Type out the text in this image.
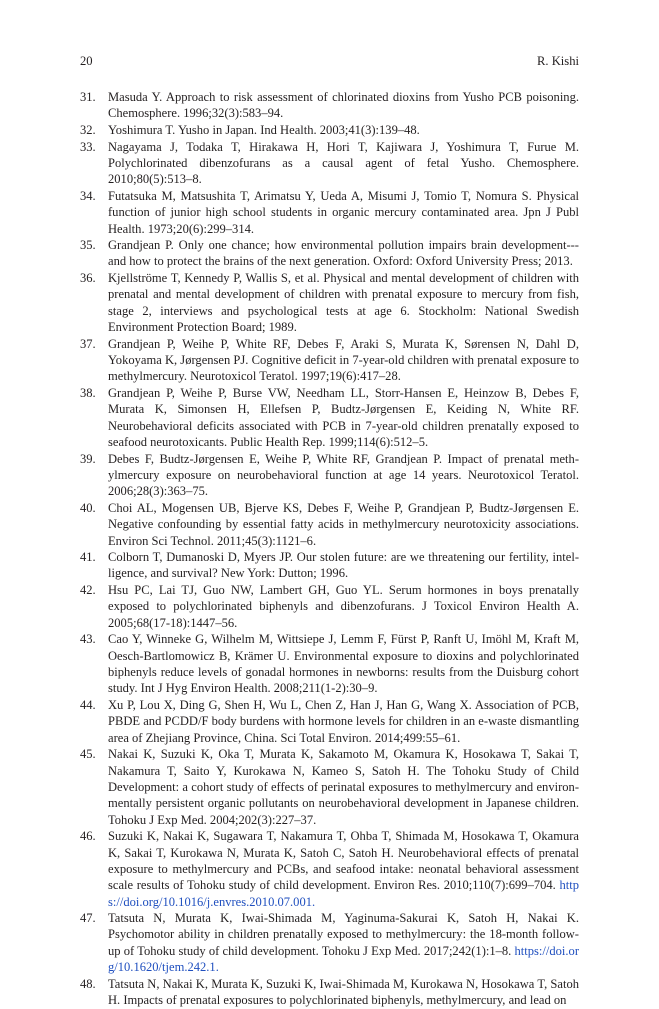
20	R. Kishi
31. Masuda Y. Approach to risk assessment of chlorinated dioxins from Yusho PCB poisoning. Chemosphere. 1996;32(3):583–94.
32. Yoshimura T. Yusho in Japan. Ind Health. 2003;41(3):139–48.
33. Nagayama J, Todaka T, Hirakawa H, Hori T, Kajiwara J, Yoshimura T, Furue M. Polychlorinated dibenzofurans as a causal agent of fetal Yusho. Chemosphere. 2010;80(5):513–8.
34. Futatsuka M, Matsushita T, Arimatsu Y, Ueda A, Misumi J, Tomio T, Nomura S. Physical function of junior high school students in organic mercury contaminated area. Jpn J Publ Health. 1973;20(6):299–314.
35. Grandjean P. Only one chance; how environmental pollution impairs brain development--- and how to protect the brains of the next generation. Oxford: Oxford University Press; 2013.
36. Kjellströme T, Kennedy P, Wallis S, et al. Physical and mental development of children with prenatal and mental development of children with prenatal exposure to mercury from fish, stage 2, interviews and psychological tests at age 6. Stockholm: National Swedish Environment Protection Board; 1989.
37. Grandjean P, Weihe P, White RF, Debes F, Araki S, Murata K, Sørensen N, Dahl D, Yokoyama K, Jørgensen PJ. Cognitive deficit in 7-year-old children with prenatal exposure to methylmercury. Neurotoxicol Teratol. 1997;19(6):417–28.
38. Grandjean P, Weihe P, Burse VW, Needham LL, Storr-Hansen E, Heinzow B, Debes F, Murata K, Simonsen H, Ellefsen P, Budtz-Jørgensen E, Keiding N, White RF. Neurobehavioral deficits associated with PCB in 7-year-old children prenatally exposed to seafood neurotoxicants. Public Health Rep. 1999;114(6):512–5.
39. Debes F, Budtz-Jørgensen E, Weihe P, White RF, Grandjean P. Impact of prenatal methylmercury exposure on neurobehavioral function at age 14 years. Neurotoxicol Teratol. 2006;28(3):363–75.
40. Choi AL, Mogensen UB, Bjerve KS, Debes F, Weihe P, Grandjean P, Budtz-Jørgensen E. Negative confounding by essential fatty acids in methylmercury neurotoxicity associations. Environ Sci Technol. 2011;45(3):1121–6.
41. Colborn T, Dumanoski D, Myers JP. Our stolen future: are we threatening our fertility, intelligence, and survival? New York: Dutton; 1996.
42. Hsu PC, Lai TJ, Guo NW, Lambert GH, Guo YL. Serum hormones in boys prenatally exposed to polychlorinated biphenyls and dibenzofurans. J Toxicol Environ Health A. 2005;68(17-18):1447–56.
43. Cao Y, Winneke G, Wilhelm M, Wittsiepe J, Lemm F, Fürst P, Ranft U, Imöhl M, Kraft M, Oesch-Bartlomowicz B, Krämer U. Environmental exposure to dioxins and polychlorinated biphenyls reduce levels of gonadal hormones in newborns: results from the Duisburg cohort study. Int J Hyg Environ Health. 2008;211(1-2):30–9.
44. Xu P, Lou X, Ding G, Shen H, Wu L, Chen Z, Han J, Han G, Wang X. Association of PCB, PBDE and PCDD/F body burdens with hormone levels for children in an e-waste dismantling area of Zhejiang Province, China. Sci Total Environ. 2014;499:55–61.
45. Nakai K, Suzuki K, Oka T, Murata K, Sakamoto M, Okamura K, Hosokawa T, Sakai T, Nakamura T, Saito Y, Kurokawa N, Kameo S, Satoh H. The Tohoku Study of Child Development: a cohort study of effects of perinatal exposures to methylmercury and environmentally persistent organic pollutants on neurobehavioral development in Japanese children. Tohoku J Exp Med. 2004;202(3):227–37.
46. Suzuki K, Nakai K, Sugawara T, Nakamura T, Ohba T, Shimada M, Hosokawa T, Okamura K, Sakai T, Kurokawa N, Murata K, Satoh C, Satoh H. Neurobehavioral effects of prenatal exposure to methylmercury and PCBs, and seafood intake: neonatal behavioral assessment scale results of Tohoku study of child development. Environ Res. 2010;110(7):699–704. https://doi.org/10.1016/j.envres.2010.07.001.
47. Tatsuta N, Murata K, Iwai-Shimada M, Yaginuma-Sakurai K, Satoh H, Nakai K. Psychomotor ability in children prenatally exposed to methylmercury: the 18-month follow-up of Tohoku study of child development. Tohoku J Exp Med. 2017;242(1):1–8. https://doi.org/10.1620/tjem.242.1.
48. Tatsuta N, Nakai K, Murata K, Suzuki K, Iwai-Shimada M, Kurokawa N, Hosokawa T, Satoh H. Impacts of prenatal exposures to polychlorinated biphenyls, methylmercury, and lead on
